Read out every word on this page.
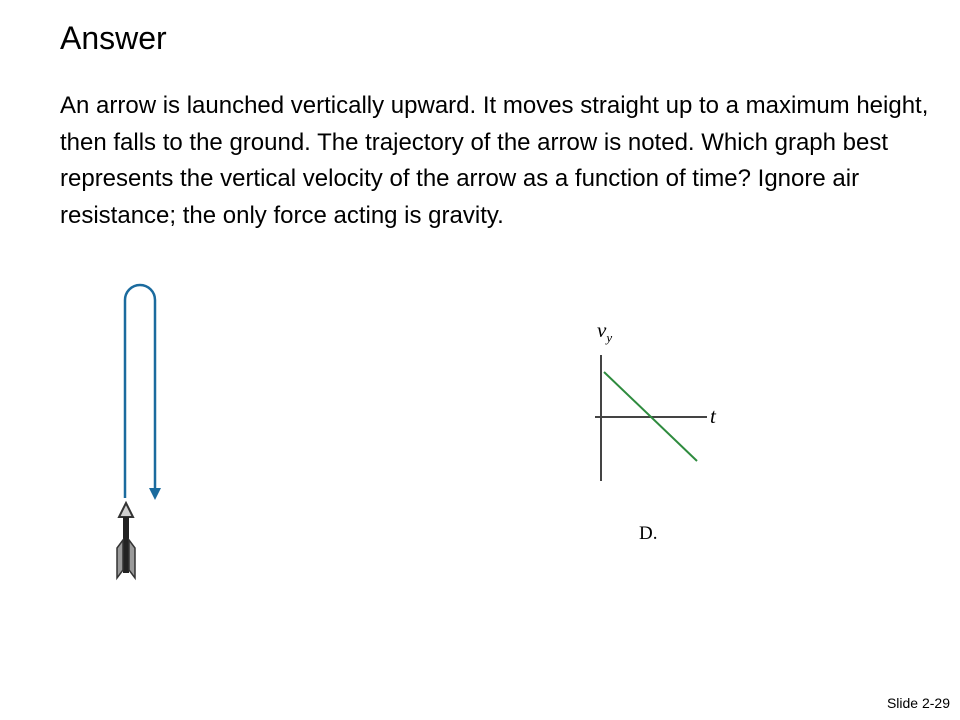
Answer
An arrow is launched vertically upward. It moves straight up to a maximum height, then falls to the ground. The trajectory of the arrow is noted. Which graph best represents the vertical velocity of the arrow as a function of time? Ignore air resistance; the only force acting is gravity.
$v_y$
t
D.
Slide 2-29
